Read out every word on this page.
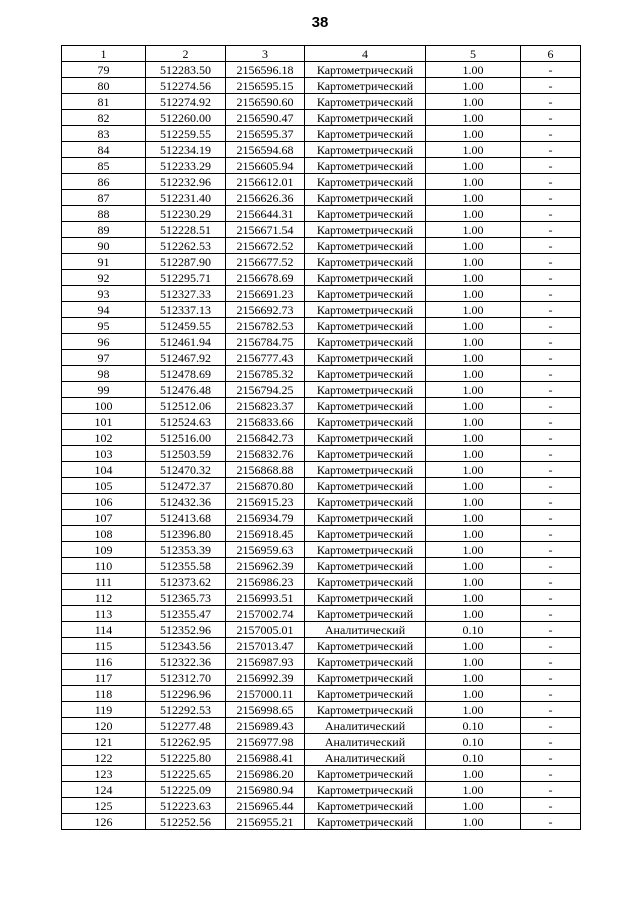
38
1	2	3	4	5	6
79	512283.50	2156596.18	Картометрический	1.00	-
80	512274.56	2156595.15	Картометрический	1.00	-
81	512274.92	2156590.60	Картометрический	1.00	-
82	512260.00	2156590.47	Картометрический	1.00	-
83	512259.55	2156595.37	Картометрический	1.00	-
84	512234.19	2156594.68	Картометрический	1.00	-
85	512233.29	2156605.94	Картометрический	1.00	-
86	512232.96	2156612.01	Картометрический	1.00	-
87	512231.40	2156626.36	Картометрический	1.00	-
88	512230.29	2156644.31	Картометрический	1.00	-
89	512228.51	2156671.54	Картометрический	1.00	-
90	512262.53	2156672.52	Картометрический	1.00	-
91	512287.90	2156677.52	Картометрический	1.00	-
92	512295.71	2156678.69	Картометрический	1.00	-
93	512327.33	2156691.23	Картометрический	1.00	-
94	512337.13	2156692.73	Картометрический	1.00	-
95	512459.55	2156782.53	Картометрический	1.00	-
96	512461.94	2156784.75	Картометрический	1.00	-
97	512467.92	2156777.43	Картометрический	1.00	-
98	512478.69	2156785.32	Картометрический	1.00	-
99	512476.48	2156794.25	Картометрический	1.00	-
100	512512.06	2156823.37	Картометрический	1.00	-
101	512524.63	2156833.66	Картометрический	1.00	-
102	512516.00	2156842.73	Картометрический	1.00	-
103	512503.59	2156832.76	Картометрический	1.00	-
104	512470.32	2156868.88	Картометрический	1.00	-
105	512472.37	2156870.80	Картометрический	1.00	-
106	512432.36	2156915.23	Картометрический	1.00	-
107	512413.68	2156934.79	Картометрический	1.00	-
108	512396.80	2156918.45	Картометрический	1.00	-
109	512353.39	2156959.63	Картометрический	1.00	-
110	512355.58	2156962.39	Картометрический	1.00	-
111	512373.62	2156986.23	Картометрический	1.00	-
112	512365.73	2156993.51	Картометрический	1.00	-
113	512355.47	2157002.74	Картометрический	1.00	-
114	512352.96	2157005.01	Аналитический	0.10	-
115	512343.56	2157013.47	Картометрический	1.00	-
116	512322.36	2156987.93	Картометрический	1.00	-
117	512312.70	2156992.39	Картометрический	1.00	-
118	512296.96	2157000.11	Картометрический	1.00	-
119	512292.53	2156998.65	Картометрический	1.00	-
120	512277.48	2156989.43	Аналитический	0.10	-
121	512262.95	2156977.98	Аналитический	0.10	-
122	512225.80	2156988.41	Аналитический	0.10	-
123	512225.65	2156986.20	Картометрический	1.00	-
124	512225.09	2156980.94	Картометрический	1.00	-
125	512223.63	2156965.44	Картометрический	1.00	-
126	512252.56	2156955.21	Картометрический	1.00	-
